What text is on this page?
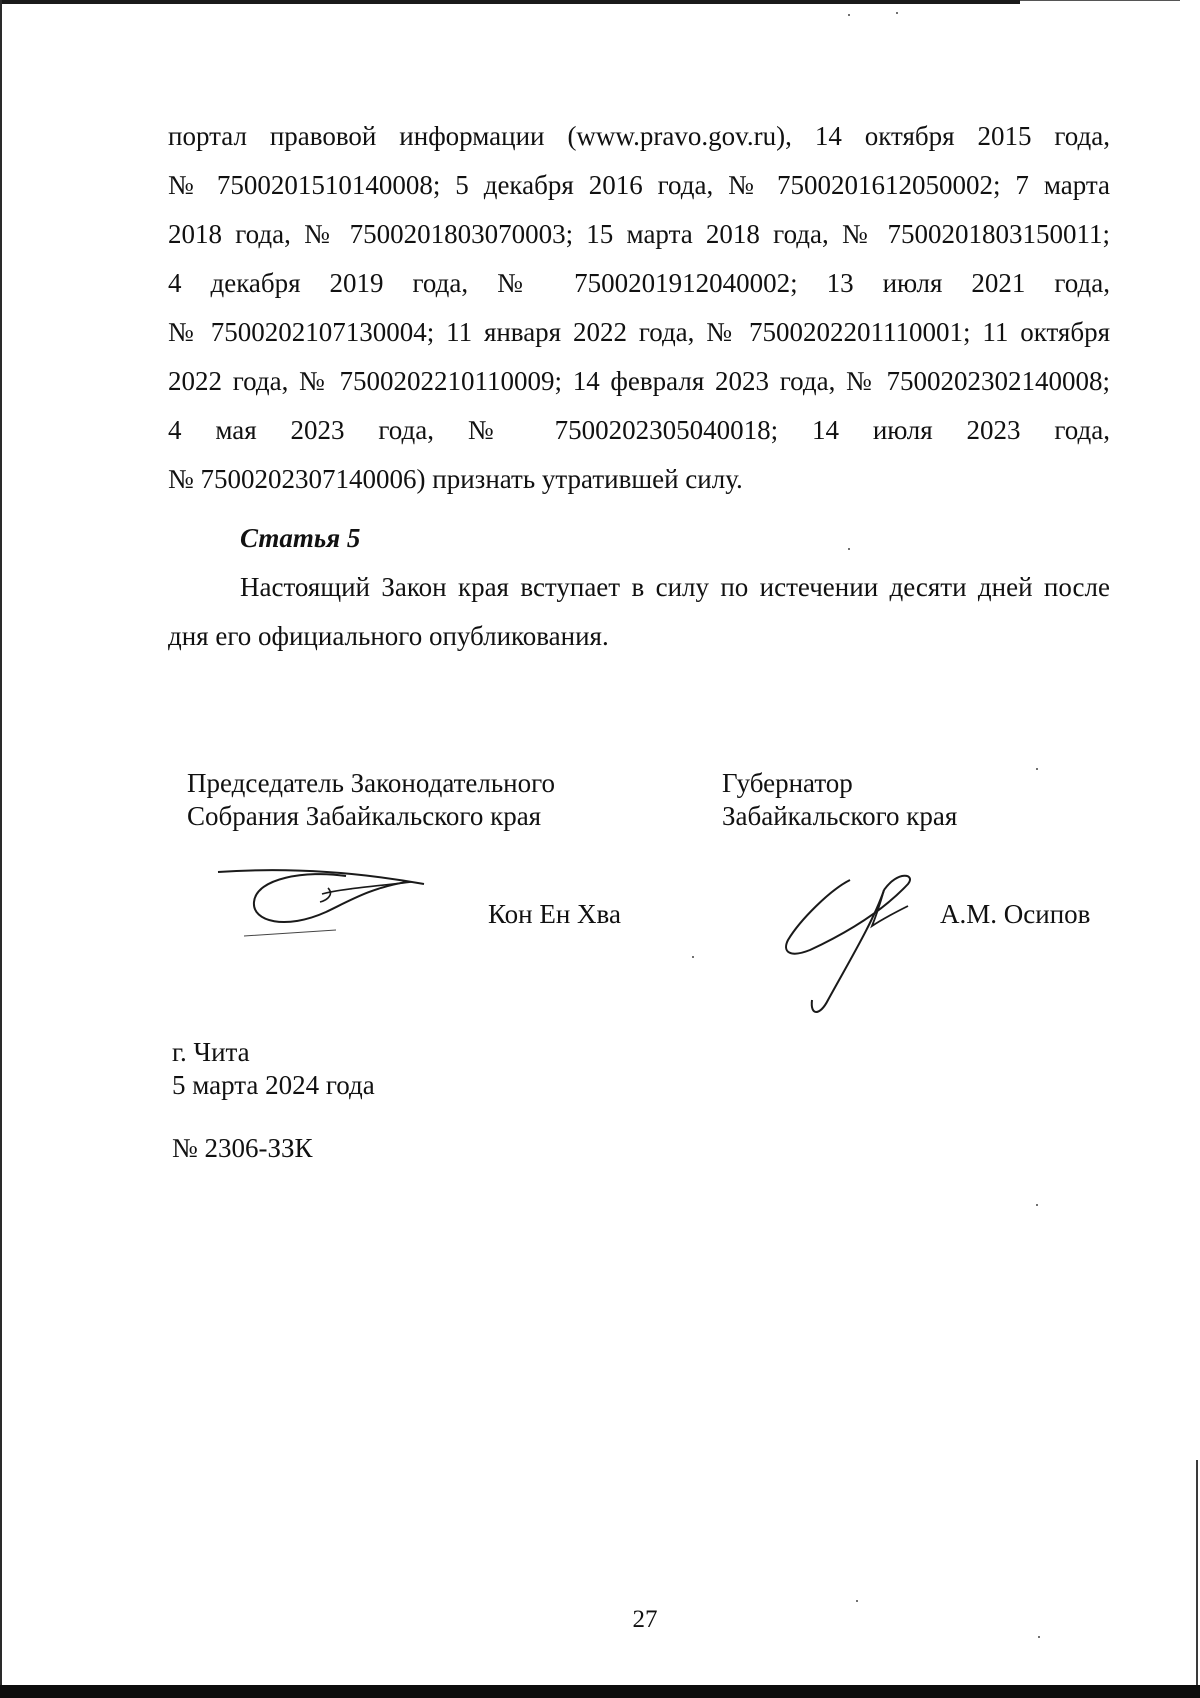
портал правовой информации (www.pravo.gov.ru), 14 октября 2015 года,
№ 7500201510140008; 5 декабря 2016 года, № 7500201612050002; 7 марта
2018 года, № 7500201803070003; 15 марта 2018 года, № 7500201803150011;
4 декабря 2019 года, № 7500201912040002; 13 июля 2021 года,
№ 7500202107130004; 11 января 2022 года, № 7500202201110001; 11 октября
2022 года, № 7500202210110009; 14 февраля 2023 года, № 7500202302140008;
4 мая 2023 года, № 7500202305040018; 14 июля 2023 года,
№ 7500202307140006) признать утратившей силу.
Статья 5
Настоящий Закон края вступает в силу по истечении десяти дней после
дня его официального опубликования.
Председатель Законодательного
Собрания Забайкальского края
Губернатор
Забайкальского края
Кон Ен Хва	А.М. Осипов
г. Чита
5 марта 2024 года
№ 2306-ЗЗК
27
